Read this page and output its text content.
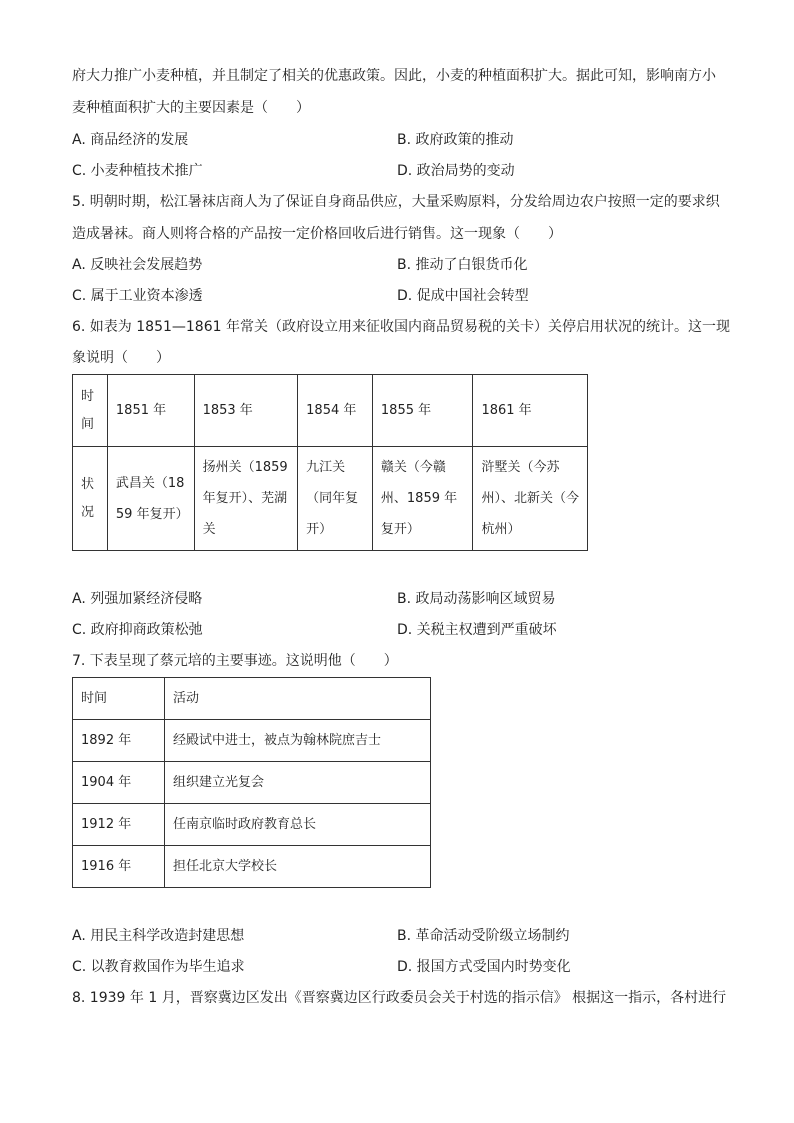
府大力推广小麦种植，并且制定了相关的优惠政策。因此，小麦的种植面积扩大。据此可知，影响南方小
麦种植面积扩大的主要因素是（　　）
A. 商品经济的发展	B. 政府政策的推动
C. 小麦种植技术推广	D. 政治局势的变动
5. 明朝时期，松江暑袜店商人为了保证自身商品供应，大量采购原料，分发给周边农户按照一定的要求织
造成暑袜。商人则将合格的产品按一定价格回收后进行销售。这一现象（　　）
A. 反映社会发展趋势	B. 推动了白银货币化
C. 属于工业资本渗透	D. 促成中国社会转型
6. 如表为 1851—1861 年常关（政府设立用来征收国内商品贸易税的关卡）关停启用状况的统计。这一现
象说明（　　）
时间	1851 年	1853 年	1854 年	1855 年	1861 年

状况	武昌关（1859 年复开）	扬州关（1859 年复开）、芜湖关	九江关（同年复开）	赣关（今赣州、1859 年复开）	浒墅关（今苏州）、北新关（今杭州）
A. 列强加紧经济侵略	B. 政局动荡影响区域贸易
C. 政府抑商政策松弛	D. 关税主权遭到严重破坏
7. 下表呈现了蔡元培的主要事迹。这说明他（　　）
时间	活动
1892 年	经殿试中进士，被点为翰林院庶吉士
1904 年	组织建立光复会
1912 年	任南京临时政府教育总长
1916 年	担任北京大学校长
A. 用民主科学改造封建思想	B. 革命活动受阶级立场制约
C. 以教育救国作为毕生追求	D. 报国方式受国内时势变化
8. 1939 年 1 月，晋察冀边区发出《晋察冀边区行政委员会关于村选的指示信》 根据这一指示，各村进行
